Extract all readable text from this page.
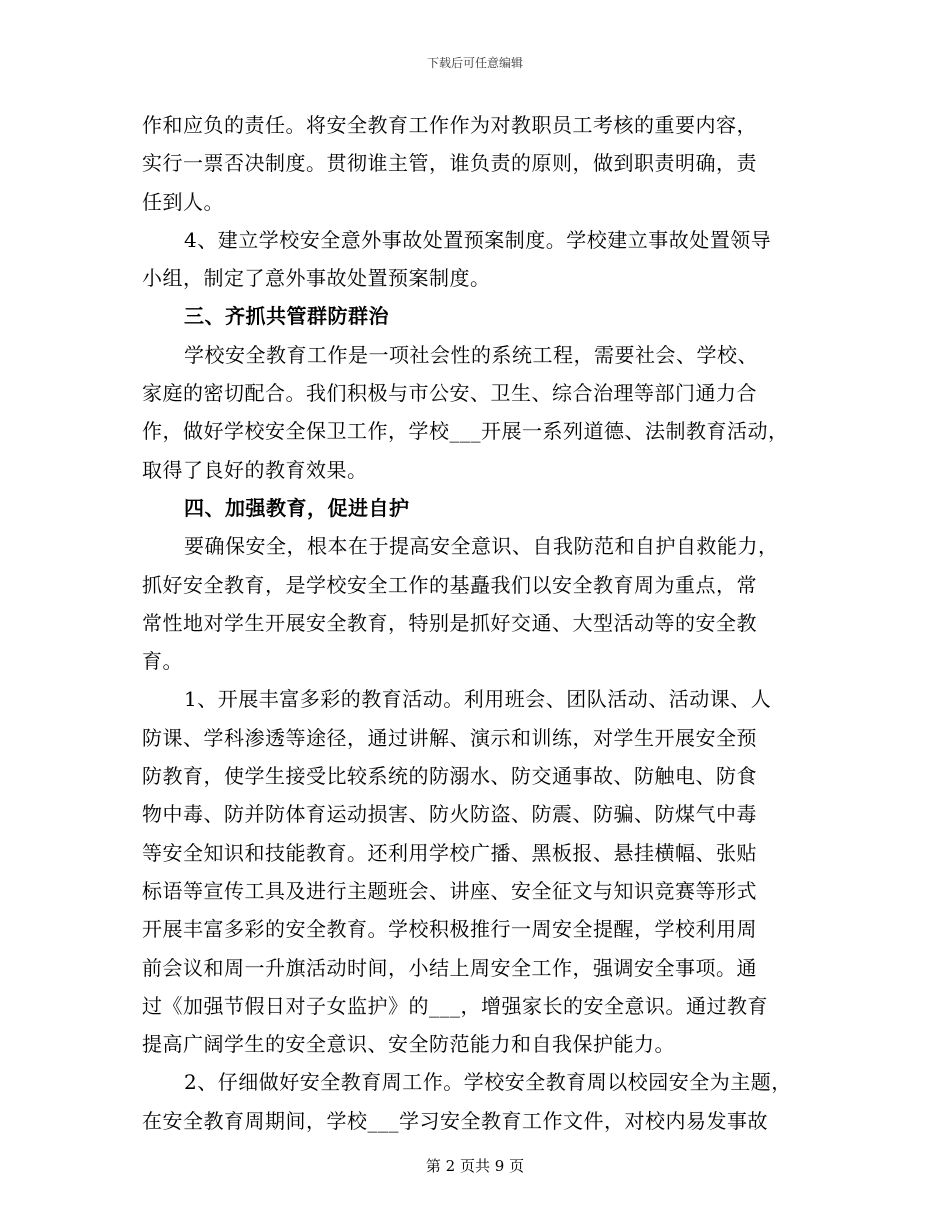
下载后可任意编辑
作和应负的责任。将安全教育工作作为对教职员工考核的重要内容，
实行一票否决制度。贯彻谁主管，谁负责的原则，做到职责明确，责
任到人。
4、建立学校安全意外事故处置预案制度。学校建立事故处置领导
小组，制定了意外事故处置预案制度。
三、齐抓共管群防群治
学校安全教育工作是一项社会性的系统工程，需要社会、学校、
家庭的密切配合。我们积极与市公安、卫生、综合治理等部门通力合
作，做好学校安全保卫工作，学校___开展一系列道德、法制教育活动，
取得了良好的教育效果。
四、加强教育，促进自护
要确保安全，根本在于提高安全意识、自我防范和自护自救能力，
抓好安全教育，是学校安全工作的基矗我们以安全教育周为重点，常
常性地对学生开展安全教育，特别是抓好交通、大型活动等的安全教
育。
1、开展丰富多彩的教育活动。利用班会、团队活动、活动课、人
防课、学科渗透等途径，通过讲解、演示和训练，对学生开展安全预
防教育，使学生接受比较系统的防溺水、防交通事故、防触电、防食
物中毒、防并防体育运动损害、防火防盗、防震、防骗、防煤气中毒
等安全知识和技能教育。还利用学校广播、黑板报、悬挂横幅、张贴
标语等宣传工具及进行主题班会、讲座、安全征文与知识竞赛等形式
开展丰富多彩的安全教育。学校积极推行一周安全提醒，学校利用周
前会议和周一升旗活动时间，小结上周安全工作，强调安全事项。通
过《加强节假日对子女监护》的___，增强家长的安全意识。通过教育
提高广阔学生的安全意识、安全防范能力和自我保护能力。
2、仔细做好安全教育周工作。学校安全教育周以校园安全为主题，
在安全教育周期间，学校___学习安全教育工作文件，对校内易发事故
第 2 页共 9 页
